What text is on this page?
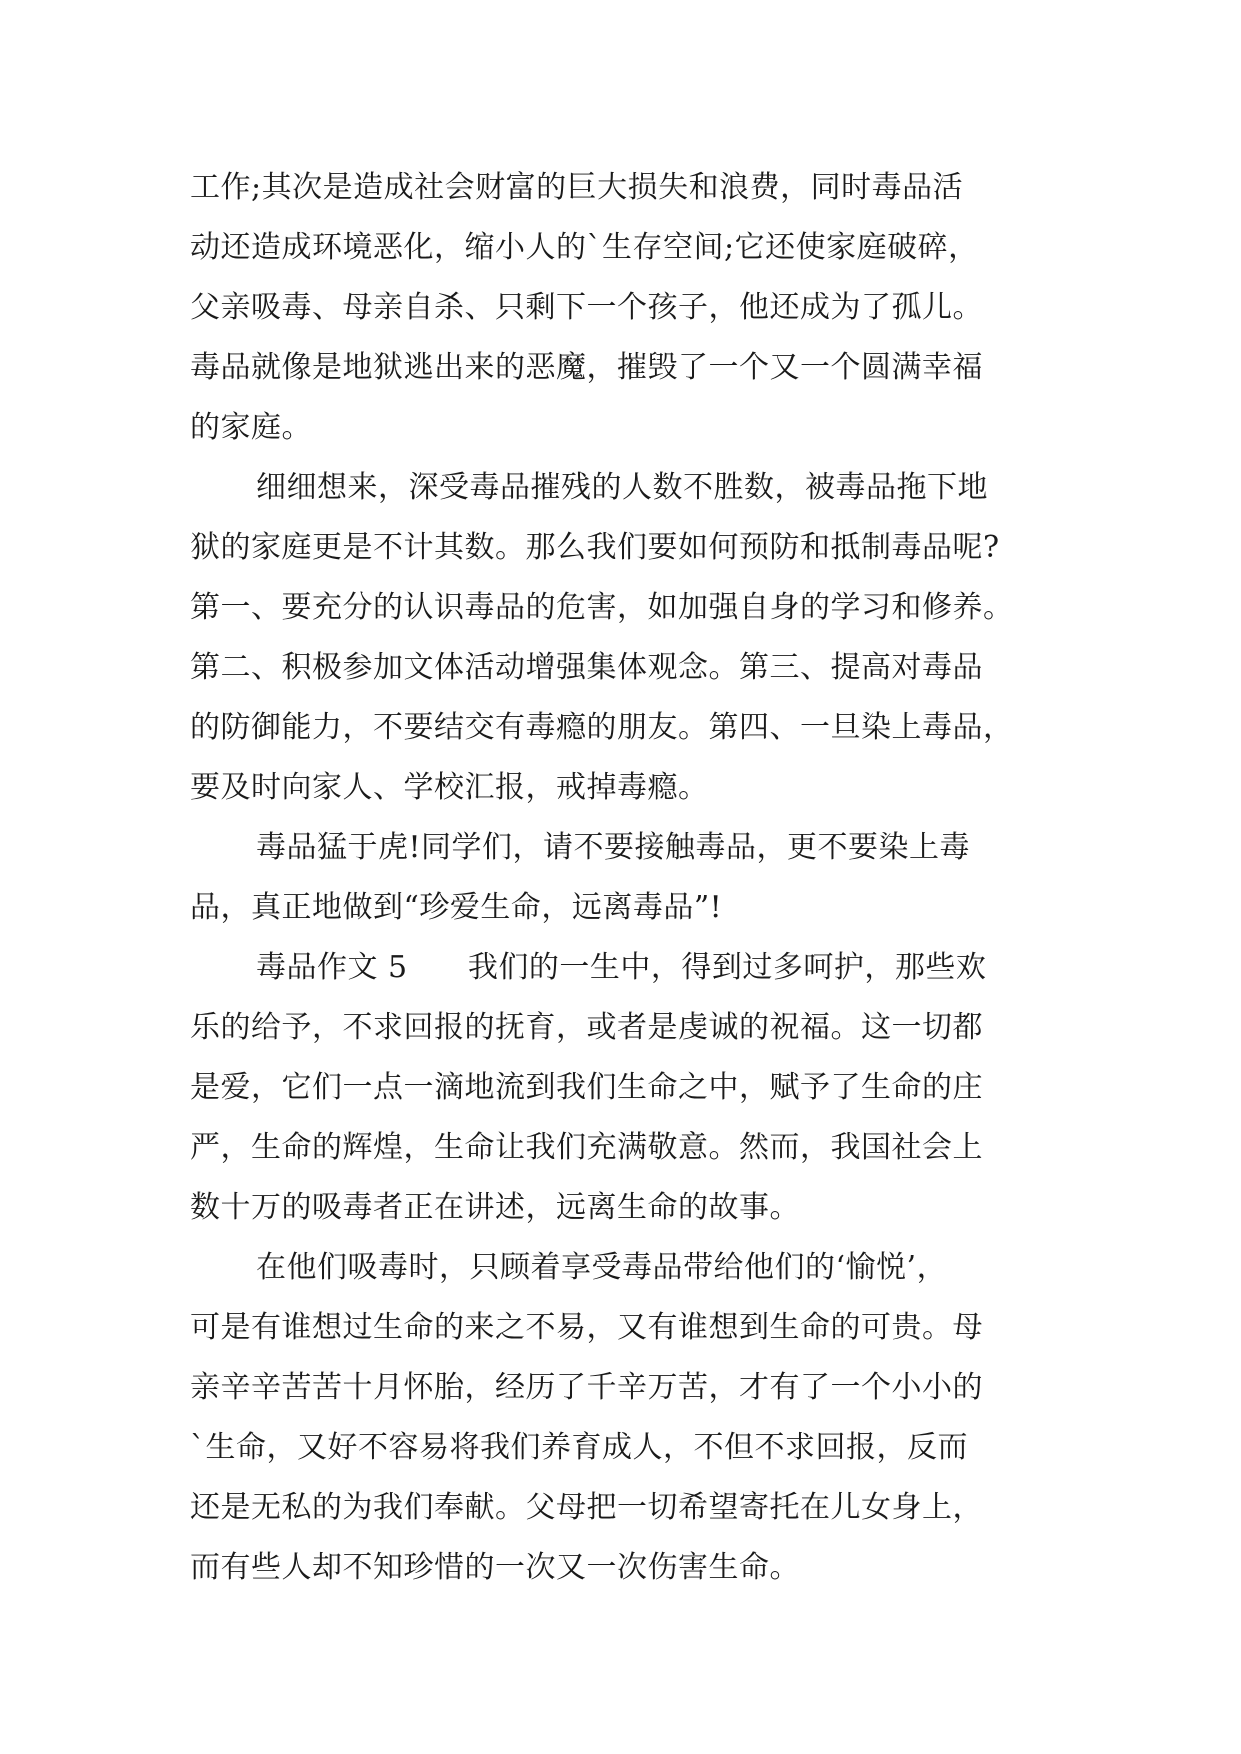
工作;其次是造成社会财富的巨大损失和浪费，同时毒品活
动还造成环境恶化，缩小人的`生存空间;它还使家庭破碎，
父亲吸毒、母亲自杀、只剩下一个孩子，他还成为了孤儿。
毒品就像是地狱逃出来的恶魔，摧毁了一个又一个圆满幸福
的家庭。
细细想来，深受毒品摧残的人数不胜数，被毒品拖下地
狱的家庭更是不计其数。那么我们要如何预防和抵制毒品呢?
第一、要充分的认识毒品的危害，如加强自身的学习和修养。
第二、积极参加文体活动增强集体观念。第三、提高对毒品
的防御能力，不要结交有毒瘾的朋友。第四、一旦染上毒品，
要及时向家人、学校汇报，戒掉毒瘾。
毒品猛于虎!同学们，请不要接触毒品，更不要染上毒
品，真正地做到“珍爱生命，远离毒品”!
毒品作文 5      我们的一生中，得到过多呵护，那些欢
乐的给予，不求回报的抚育，或者是虔诚的祝福。这一切都
是爱，它们一点一滴地流到我们生命之中，赋予了生命的庄
严，生命的辉煌，生命让我们充满敬意。然而，我国社会上
数十万的吸毒者正在讲述，远离生命的故事。
在他们吸毒时，只顾着享受毒品带给他们的‘愉悦’，
可是有谁想过生命的来之不易，又有谁想到生命的可贵。母
亲辛辛苦苦十月怀胎，经历了千辛万苦，才有了一个小小的
`生命，又好不容易将我们养育成人，不但不求回报，反而
还是无私的为我们奉献。父母把一切希望寄托在儿女身上，
而有些人却不知珍惜的一次又一次伤害生命。
